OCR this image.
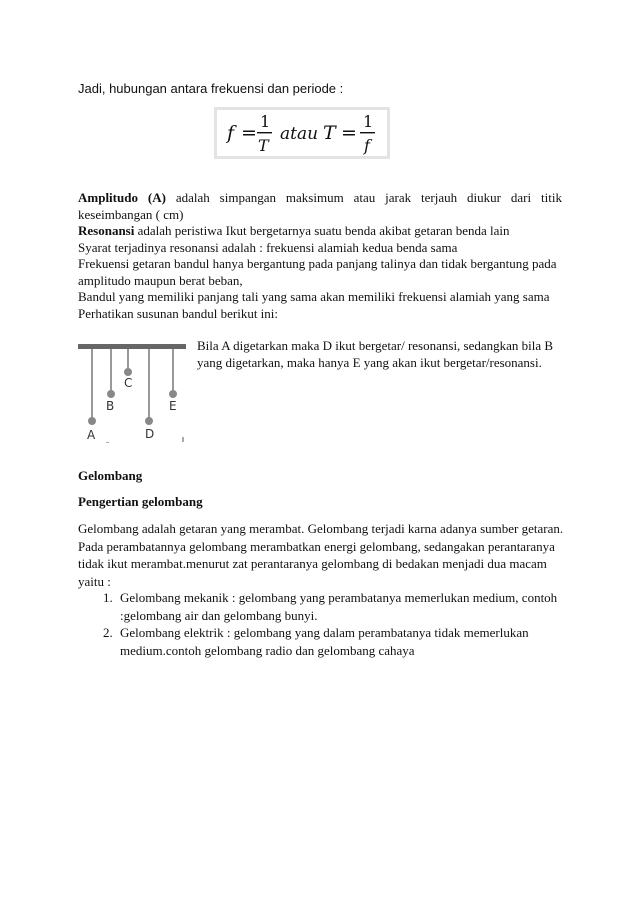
Jadi, hubungan antara frekuensi dan periode :
f =
1
T
atau T =
1
f
Amplitudo (A) adalah simpangan maksimum atau jarak terjauh diukur dari titik keseimbangan ( cm)
Resonansi adalah peristiwa Ikut bergetarnya suatu benda akibat getaran benda lain
Syarat terjadinya resonansi adalah : frekuensi alamiah kedua benda sama
Frekuensi getaran bandul hanya bergantung pada panjang talinya dan tidak bergantung pada amplitudo maupun berat beban,
Bandul yang memiliki panjang tali yang sama akan memiliki frekuensi alamiah yang sama
Perhatikan susunan bandul berikut ini:
A
B
C
D
E
Bila A digetarkan maka D ikut bergetar/ resonansi, sedangkan bila B yang digetarkan, maka hanya E yang akan ikut bergetar/resonansi.
Gelombang
Pengertian gelombang
Gelombang adalah getaran yang merambat. Gelombang terjadi karna adanya sumber getaran. Pada perambatannya gelombang merambatkan energi gelombang, sedangakan perantaranya tidak ikut merambat.menurut zat perantaranya gelombang di bedakan menjadi dua macam yaitu :
1. Gelombang mekanik : gelombang yang perambatanya memerlukan medium, contoh :gelombang air dan gelombang bunyi.
2. Gelombang elektrik : gelombang yang dalam perambatanya tidak memerlukan medium.contoh gelombang radio dan gelombang cahaya
